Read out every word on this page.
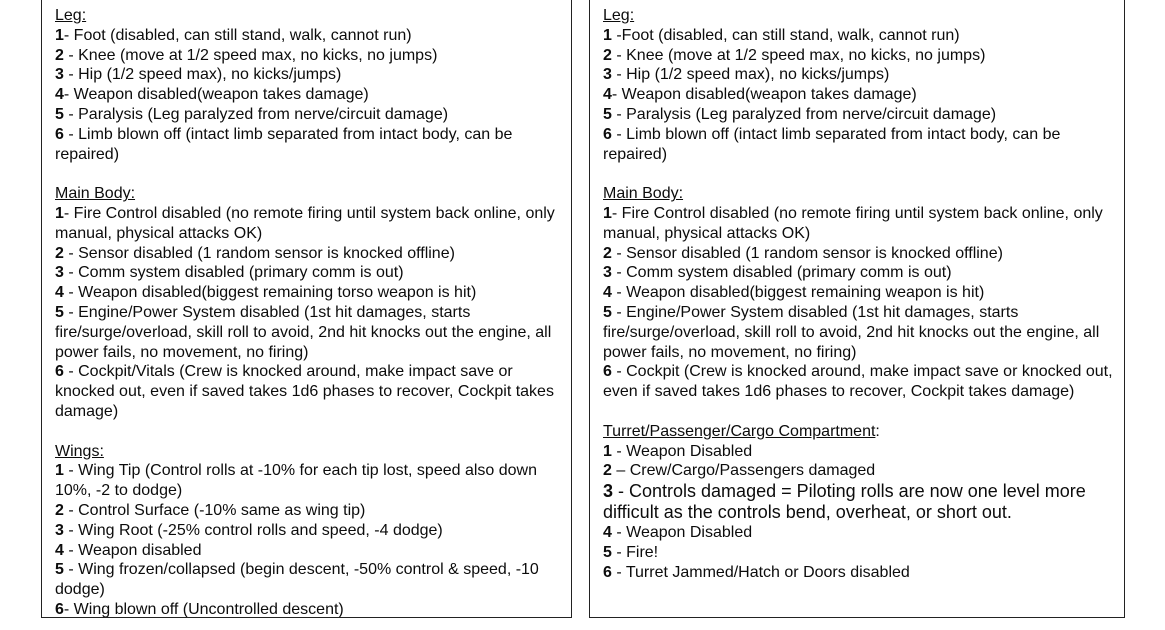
Leg:
1- Foot (disabled, can still stand, walk, cannot run)
2 - Knee (move at 1/2 speed max, no kicks, no jumps)
3 - Hip (1/2 speed max), no kicks/jumps)
4- Weapon disabled(weapon takes damage)
5 - Paralysis (Leg paralyzed from nerve/circuit damage)
6 - Limb blown off (intact limb separated from intact body, can be repaired)
Main Body:
1- Fire Control disabled (no remote firing until system back online, only manual, physical attacks OK)
2 - Sensor disabled (1 random sensor is knocked offline)
3 - Comm system disabled (primary comm is out)
4 - Weapon disabled(biggest remaining torso weapon is hit)
5 - Engine/Power System disabled (1st hit damages, starts fire/surge/overload, skill roll to avoid, 2nd hit knocks out the engine, all power fails, no movement, no firing)
6 - Cockpit/Vitals (Crew is knocked around, make impact save or knocked out, even if saved takes 1d6 phases to recover, Cockpit takes damage)
Wings:
1 - Wing Tip (Control rolls at -10% for each tip lost, speed also down 10%, -2 to dodge)
2 - Control Surface (-10% same as wing tip)
3 - Wing Root (-25% control rolls and speed, -4 dodge)
4 - Weapon disabled
5 - Wing frozen/collapsed (begin descent, -50% control & speed, -10 dodge)
6- Wing blown off (Uncontrolled descent)
Leg:
1 -Foot (disabled, can still stand, walk, cannot run)
2 - Knee (move at 1/2 speed max, no kicks, no jumps)
3 - Hip (1/2 speed max), no kicks/jumps)
4- Weapon disabled(weapon takes damage)
5 - Paralysis (Leg paralyzed from nerve/circuit damage)
6 - Limb blown off (intact limb separated from intact body, can be repaired)
Main Body:
1- Fire Control disabled (no remote firing until system back online, only manual, physical attacks OK)
2 - Sensor disabled (1 random sensor is knocked offline)
3 - Comm system disabled (primary comm is out)
4 - Weapon disabled(biggest remaining weapon is hit)
5 - Engine/Power System disabled (1st hit damages, starts fire/surge/overload, skill roll to avoid, 2nd hit knocks out the engine, all power fails, no movement, no firing)
6 - Cockpit (Crew is knocked around, make impact save or knocked out, even if saved takes 1d6 phases to recover, Cockpit takes damage)
Turret/Passenger/Cargo Compartment:
1 - Weapon Disabled
2 – Crew/Cargo/Passengers damaged
3 - Controls damaged = Piloting rolls are now one level more difficult as the controls bend, overheat, or short out.
4 - Weapon Disabled
5 - Fire!
6 - Turret Jammed/Hatch or Doors disabled
